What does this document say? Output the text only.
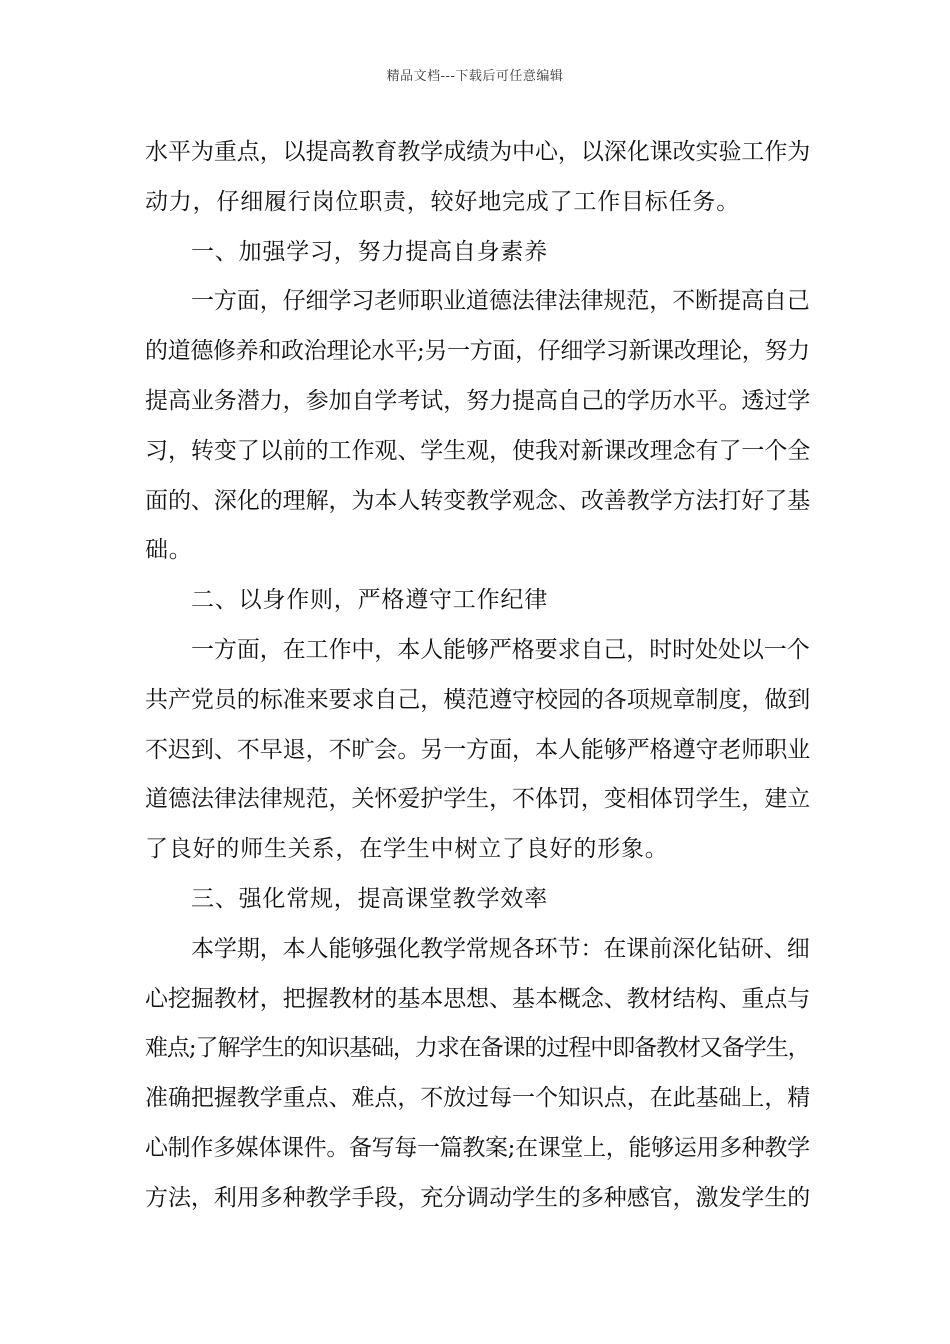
精品文档---下载后可任意编辑
水平为重点，以提高教育教学成绩为中心，以深化课改实验工作为
动力，仔细履行岗位职责，较好地完成了工作目标任务。
一、加强学习，努力提高自身素养
一方面，仔细学习老师职业道德法律法律规范，不断提高自己
的道德修养和政治理论水平;另一方面，仔细学习新课改理论，努力
提高业务潜力，参加自学考试，努力提高自己的学历水平。透过学
习，转变了以前的工作观、学生观，使我对新课改理念有了一个全
面的、深化的理解，为本人转变教学观念、改善教学方法打好了基
础。
二、以身作则，严格遵守工作纪律
一方面，在工作中，本人能够严格要求自己，时时处处以一个
共产党员的标准来要求自己，模范遵守校园的各项规章制度，做到
不迟到、不早退，不旷会。另一方面，本人能够严格遵守老师职业
道德法律法律规范，关怀爱护学生，不体罚，变相体罚学生，建立
了良好的师生关系，在学生中树立了良好的形象。
三、强化常规，提高课堂教学效率
本学期，本人能够强化教学常规各环节：在课前深化钻研、细
心挖掘教材，把握教材的基本思想、基本概念、教材结构、重点与
难点;了解学生的知识基础，力求在备课的过程中即备教材又备学生，
准确把握教学重点、难点，不放过每一个知识点，在此基础上，精
心制作多媒体课件。备写每一篇教案;在课堂上，能够运用多种教学
方法，利用多种教学手段，充分调动学生的多种感官，激发学生的
